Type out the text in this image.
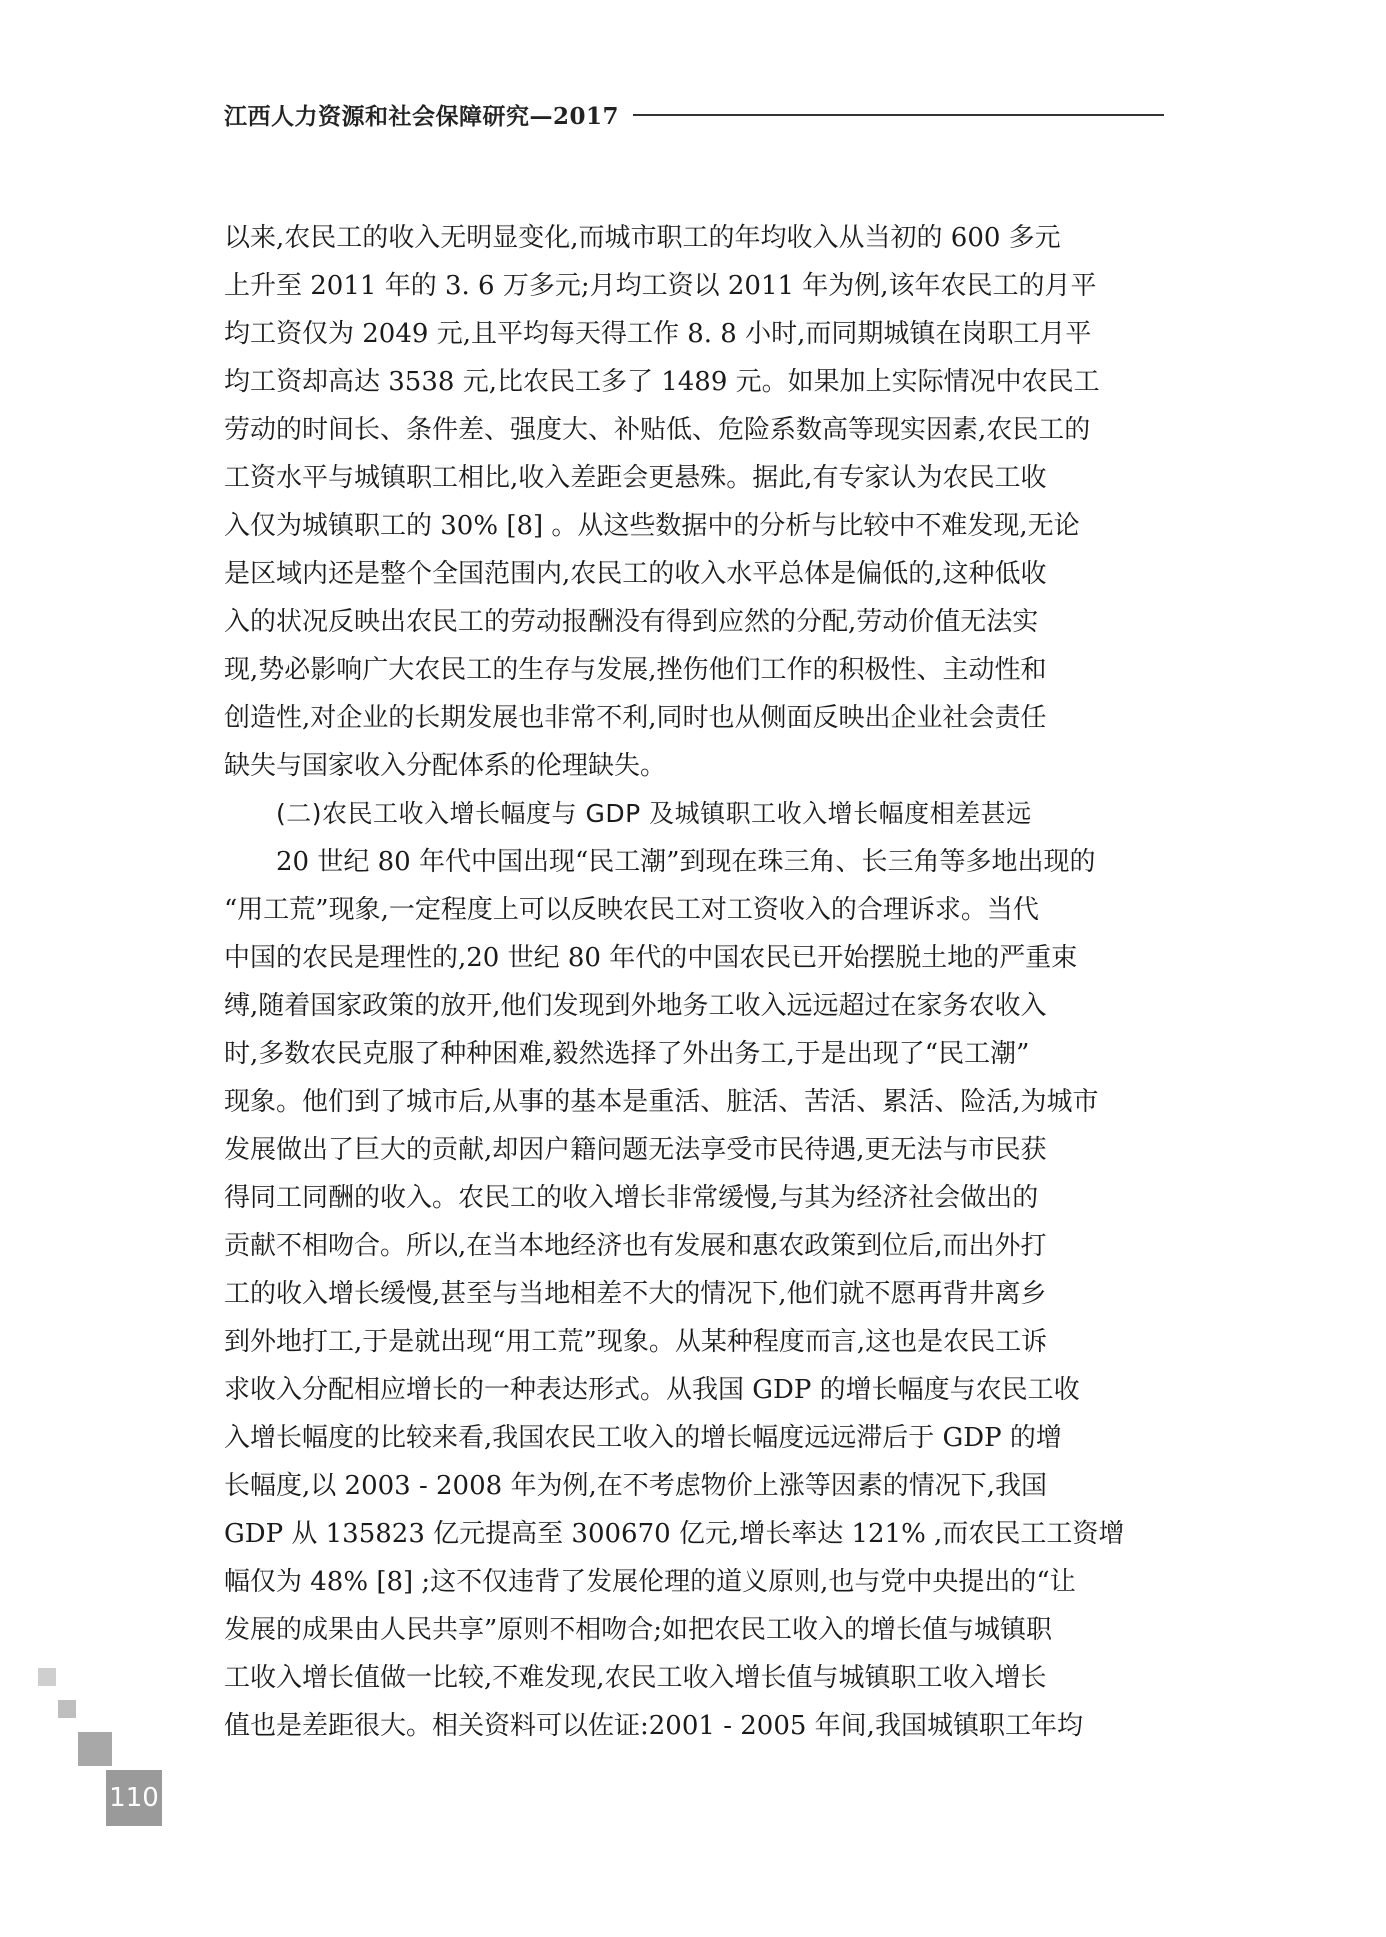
江西人力资源和社会保障研究—2017
以来,农民工的收入无明显变化,而城市职工的年均收入从当初的 600 多元
上升至 2011 年的 3. 6 万多元;月均工资以 2011 年为例,该年农民工的月平
均工资仅为 2049 元,且平均每天得工作 8. 8 小时,而同期城镇在岗职工月平
均工资却高达 3538 元,比农民工多了 1489 元。如果加上实际情况中农民工
劳动的时间长、条件差、强度大、补贴低、危险系数高等现实因素,农民工的
工资水平与城镇职工相比,收入差距会更悬殊。据此,有专家认为农民工收
入仅为城镇职工的 30% [8] 。从这些数据中的分析与比较中不难发现,无论
是区域内还是整个全国范围内,农民工的收入水平总体是偏低的,这种低收
入的状况反映出农民工的劳动报酬没有得到应然的分配,劳动价值无法实
现,势必影响广大农民工的生存与发展,挫伤他们工作的积极性、主动性和
创造性,对企业的长期发展也非常不利,同时也从侧面反映出企业社会责任
缺失与国家收入分配体系的伦理缺失。
(二)农民工收入增长幅度与 GDP 及城镇职工收入增长幅度相差甚远
20 世纪 80 年代中国出现“民工潮”到现在珠三角、长三角等多地出现的
“用工荒”现象,一定程度上可以反映农民工对工资收入的合理诉求。当代
中国的农民是理性的,20 世纪 80 年代的中国农民已开始摆脱土地的严重束
缚,随着国家政策的放开,他们发现到外地务工收入远远超过在家务农收入
时,多数农民克服了种种困难,毅然选择了外出务工,于是出现了“民工潮”
现象。他们到了城市后,从事的基本是重活、脏活、苦活、累活、险活,为城市
发展做出了巨大的贡献,却因户籍问题无法享受市民待遇,更无法与市民获
得同工同酬的收入。农民工的收入增长非常缓慢,与其为经济社会做出的
贡献不相吻合。所以,在当本地经济也有发展和惠农政策到位后,而出外打
工的收入增长缓慢,甚至与当地相差不大的情况下,他们就不愿再背井离乡
到外地打工,于是就出现“用工荒”现象。从某种程度而言,这也是农民工诉
求收入分配相应增长的一种表达形式。从我国 GDP 的增长幅度与农民工收
入增长幅度的比较来看,我国农民工收入的增长幅度远远滞后于 GDP 的增
长幅度,以 2003 - 2008 年为例,在不考虑物价上涨等因素的情况下,我国
GDP 从 135823 亿元提高至 300670 亿元,增长率达 121% ,而农民工工资增
幅仅为 48% [8] ;这不仅违背了发展伦理的道义原则,也与党中央提出的“让
发展的成果由人民共享”原则不相吻合;如把农民工收入的增长值与城镇职
工收入增长值做一比较,不难发现,农民工收入增长值与城镇职工收入增长
值也是差距很大。相关资料可以佐证:2001 - 2005 年间,我国城镇职工年均
110
